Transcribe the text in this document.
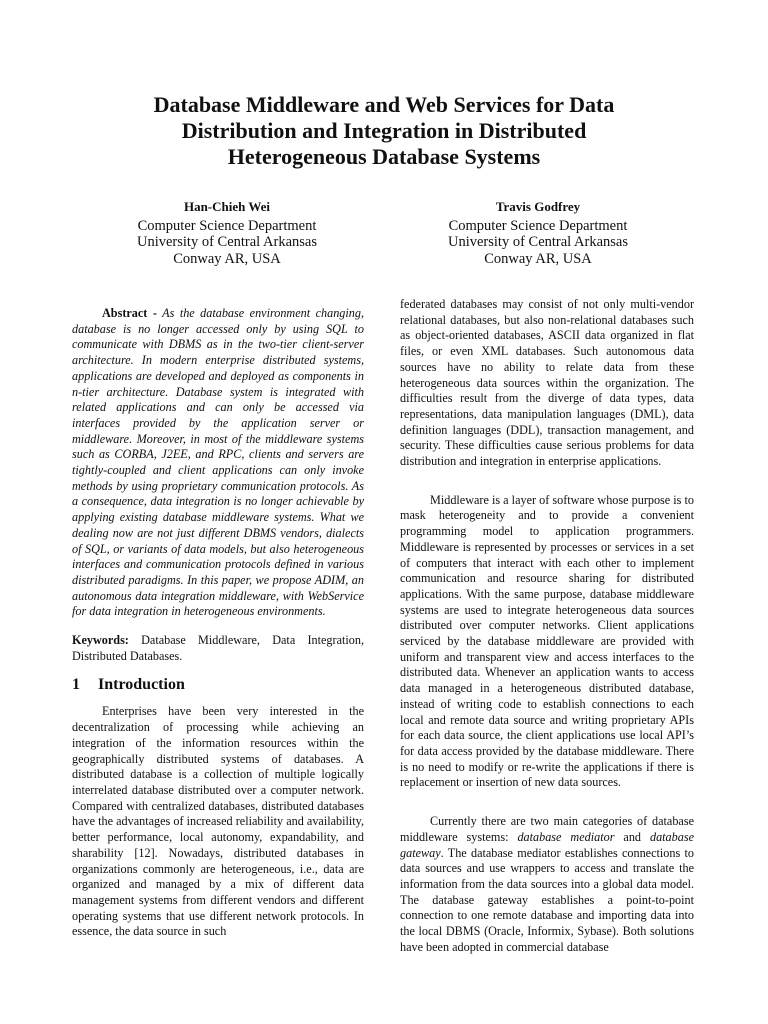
Database Middleware and Web Services for Data
Distribution and Integration in Distributed
Heterogeneous Database Systems
Han-Chieh Wei
Computer Science Department
University of Central Arkansas
Conway AR, USA
Travis Godfrey
Computer Science Department
University of Central Arkansas
Conway AR, USA

Abstract - As the database environment changing, database is no longer accessed only by using SQL to communicate with DBMS as in the two-tier client-server architecture. In modern enterprise distributed systems, applications are developed and deployed as components in n-tier architecture. Database system is integrated with related applications and can only be accessed via interfaces provided by the application server or middleware. Moreover, in most of the middleware systems such as CORBA, J2EE, and RPC, clients and servers are tightly-coupled and client applications can only invoke methods by using proprietary communication protocols. As a consequence, data integration is no longer achievable by applying existing database middleware systems. What we dealing now are not just different DBMS vendors, dialects of SQL, or variants of data models, but also heterogeneous interfaces and communication protocols defined in various distributed paradigms. In this paper, we propose ADIM, an autonomous data integration middleware, with WebService for data integration in heterogeneous environments.

Keywords: Database Middleware, Data Integration, Distributed Databases.

1 Introduction

Enterprises have been very interested in the decentralization of processing while achieving an integration of the information resources within the geographically distributed systems of databases. A distributed database is a collection of multiple logically interrelated database distributed over a computer network. Compared with centralized databases, distributed databases have the advantages of increased reliability and availability, better performance, local autonomy, expandability, and sharability [12]. Nowadays, distributed databases in organizations commonly are heterogeneous, i.e., data are organized and managed by a mix of different data management systems from different vendors and different operating systems that use different network protocols. In essence, the data source in such

federated databases may consist of not only multi-vendor relational databases, but also non-relational databases such as object-oriented databases, ASCII data organized in flat files, or even XML databases. Such autonomous data sources have no ability to relate data from these heterogeneous data sources within the organization. The difficulties result from the diverge of data types, data representations, data manipulation languages (DML), data definition languages (DDL), transaction management, and security. These difficulties cause serious problems for data distribution and integration in enterprise applications.

Middleware is a layer of software whose purpose is to mask heterogeneity and to provide a convenient programming model to application programmers. Middleware is represented by processes or services in a set of computers that interact with each other to implement communication and resource sharing for distributed applications. With the same purpose, database middleware systems are used to integrate heterogeneous data sources distributed over computer networks. Client applications serviced by the database middleware are provided with uniform and transparent view and access interfaces to the distributed data. Whenever an application wants to access data managed in a heterogeneous distributed database, instead of writing code to establish connections to each local and remote data source and writing proprietary APIs for each data source, the client applications use local API’s for data access provided by the database middleware. There is no need to modify or re-write the applications if there is replacement or insertion of new data sources.

Currently there are two main categories of database middleware systems: database mediator and database gateway. The database mediator establishes connections to data sources and use wrappers to access and translate the information from the data sources into a global data model. The database gateway establishes a point-to-point connection to one remote database and importing data into the local DBMS (Oracle, Informix, Sybase). Both solutions have been adopted in commercial database
